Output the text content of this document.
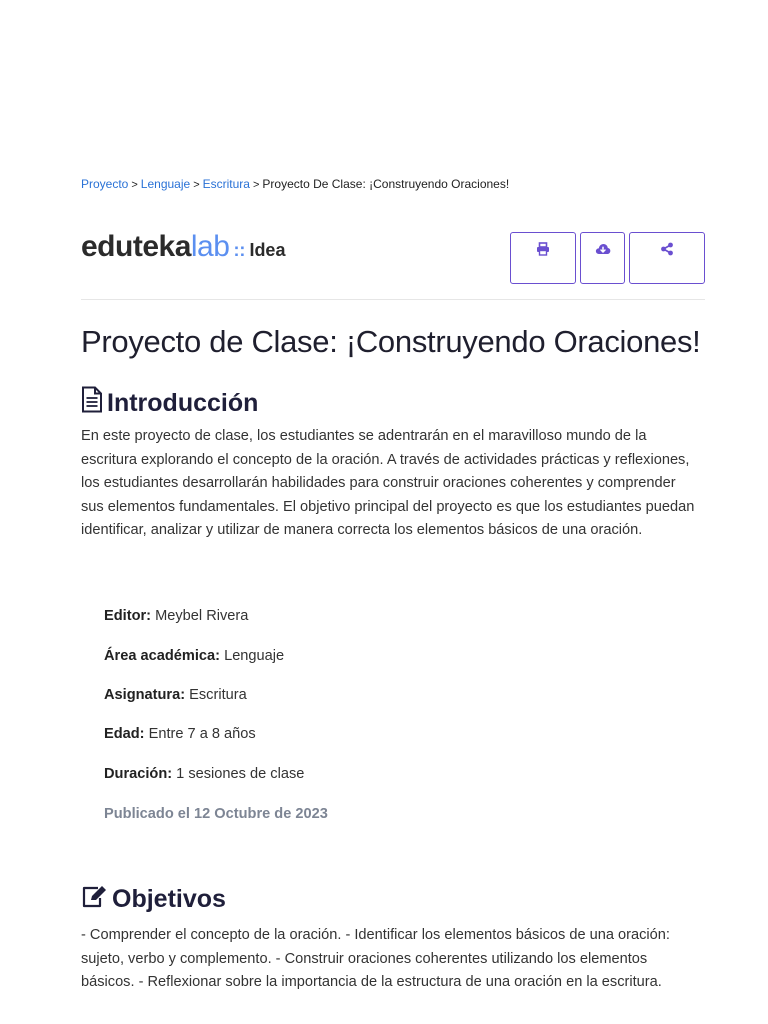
Proyecto > Lenguaje > Escritura > Proyecto De Clase: ¡Construyendo Oraciones!
eduteka lab :: Idea
Proyecto de Clase: ¡Construyendo Oraciones!
Introducción

En este proyecto de clase, los estudiantes se adentrarán en el maravilloso mundo de la escritura explorando el concepto de la oración. A través de actividades prácticas y reflexiones, los estudiantes desarrollarán habilidades para construir oraciones coherentes y comprender sus elementos fundamentales. El objetivo principal del proyecto es que los estudiantes puedan identificar, analizar y utilizar de manera correcta los elementos básicos de una oración.

Editor: Meybel Rivera
Área académica: Lenguaje
Asignatura: Escritura
Edad: Entre 7 a 8 años
Duración: 1 sesiones de clase
Publicado el 12 Octubre de 2023
Objetivos

- Comprender el concepto de la oración. - Identificar los elementos básicos de una oración: sujeto, verbo y complemento. - Construir oraciones coherentes utilizando los elementos básicos. - Reflexionar sobre la importancia de la estructura de una oración en la escritura.
